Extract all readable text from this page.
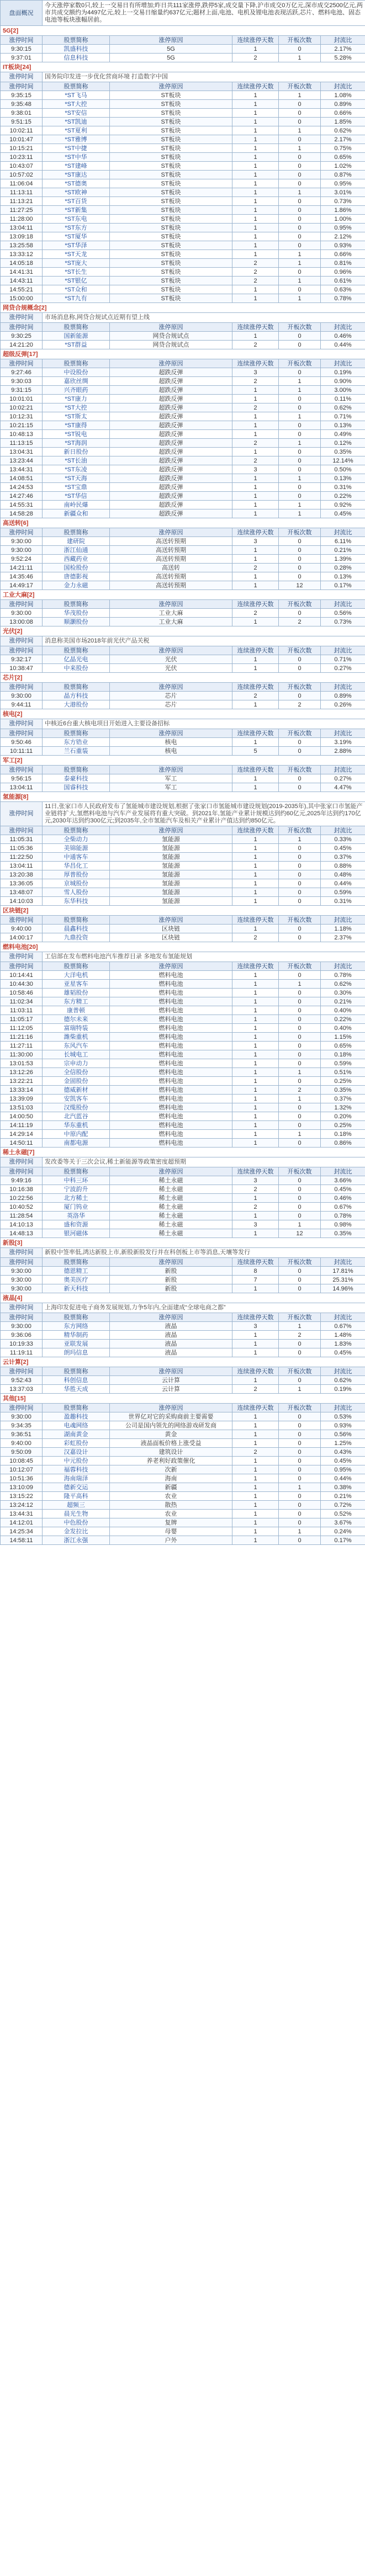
盘面概况	今天涨停家数0只,较上一交易日有所增加;昨日共111家涨停,跌停5家,成交量下降,沪市成交0万亿元,深市成交2500亿元,两市共成交额约为4497亿元,较上一交易日缩量约637亿元;题材上面,电池、电机及锂电池表现活跃,芯片、燃料电池、固态电池等板块涨幅居前。				
5G[2]					
涨停时间	股票简称	涨停原因	连续涨停天数	开板次数	封流比
9:30:15	凯盛科技	5G	1	0	2.17%
9:37:01	信息科技	5G	2	1	5.28%
IT板块[24]					
涨停时间	国务院印发进一步优化营商环境 打造数字中国				
涨停时间	股票简称	涨停原因	连续涨停天数	开板次数	封流比
9:35:15	*ST飞马	ST板块	1	1	1.08%
9:35:48	*ST大控	ST板块	1	0	0.89%
9:38:01	*ST安信	ST板块	1	0	0.66%
9:51:15	*ST凯迪	ST板块	1	0	1.85%
10:02:11	*ST夏利	ST板块	1	1	0.62%
10:01:47	*ST雅博	ST板块	1	0	2.17%
10:15:21	*ST中捷	ST板块	1	1	0.75%
10:23:11	*ST中华	ST板块	1	0	0.65%
10:43:07	*ST建峰	ST板块	1	0	1.02%
10:57:02	*ST康达	ST板块	1	0	0.87%
11:06:04	*ST德奥	ST板块	1	0	0.95%
11:13:11	*ST欧神	ST板块	1	1	3.01%
11:13:21	*ST百货	ST板块	1	0	0.73%
11:27:25	*ST新集	ST板块	1	0	1.86%
11:28:00	*ST东电	ST板块	1	0	1.00%
13:04:11	*ST东方	ST板块	1	0	0.95%
13:09:18	*ST厦华	ST板块	1	0	2.12%
13:25:58	*ST华泽	ST板块	1	0	0.93%
13:33:12	*ST天龙	ST板块	1	1	0.66%
14:05:18	*ST庞大	ST板块	2	1	0.81%
14:41:31	*ST长生	ST板块	2	0	0.96%
14:43:11	*ST银亿	ST板块	2	1	0.61%
14:55:21	*ST众和	ST板块	1	0	0.63%
15:00:00	*ST九有	ST板块	1	1	0.78%
网贷合规概念[2]					
涨停时间	市场消息称,网贷合规试点近期有望上线				
涨停时间	股票简称	涨停原因	连续涨停天数	开板次数	封流比
9:30:25	国新能源	网贷合规试点	1	0	0.46%
14:21:20	*ST群益	网贷合规试点	2	0	0.44%
超级反弹[17]					
涨停时间	股票简称	涨停原因	连续涨停天数	开板次数	封流比
9:27:46	中设股份	超跌反弹	3	0	0.19%
9:30:03	嘉欣丝绸	超跌反弹	2	1	0.90%
9:31:15	兴齐眼药	超跌反弹	1	1	3.00%
10:01:01	*ST康力	超跌反弹	1	0	0.11%
10:02:21	*ST大控	超跌反弹	2	0	0.62%
10:12:31	*ST斯太	超跌反弹	1	1	0.71%
10:21:15	*ST康得	超跌反弹	1	0	0.13%
10:48:13	*ST锐电	超跌反弹	1	0	0.49%
11:13:15	*ST海润	超跌反弹	2	1	0.12%
13:04:31	新日股份	超跌反弹	1	0	0.35%
13:23:44	*ST长油	超跌反弹	2	0	12.14%
13:44:31	*ST东凌	超跌反弹	3	0	0.50%
14:08:51	*ST天海	超跌反弹	1	1	0.13%
14:24:53	*ST宝鼎	超跌反弹	1	0	0.31%
14:27:46	*ST华信	超跌反弹	1	0	0.22%
14:55:31	南岭民爆	超跌反弹	1	1	0.92%
14:58:28	新疆众和	超跌反弹	1	1	0.45%
高送转[6]					
涨停时间	股票简称	涨停原因	连续涨停天数	开板次数	封流比
9:30:00	建研院	高送转预期	3	0	6.11%
9:30:00	浙江仙通	高送转预期	1	0	0.21%
9:52:24	西藏药业	高送转预期	1	0	1.39%
14:21:11	国检股份	高送转	2	0	0.28%
14:35:46	唐德影视	高送转预期	1	0	0.13%
14:49:17	金力永磁	高送转预期	1	12	0.17%
工业大麻[2]					
涨停时间	股票简称	涨停原因	连续涨停天数	开板次数	封流比
9:30:00	华茂股份	工业大麻	2	0	0.56%
13:00:08	顺灏股份	工业大麻	1	2	0.73%
光伏[2]					
涨停时间	消息称美国市场2018年前光伏产品关税				
涨停时间	股票简称	涨停原因	连续涨停天数	开板次数	封流比
9:32:17	亿晶光电	光伏	1	0	0.71%
10:38:47	中来股份	光伏	1	0	0.27%
芯片[2]					
涨停时间	股票简称	涨停原因	连续涨停天数	开板次数	封流比
9:30:00	晶方科技	芯片	2	0	0.89%
9:44:11	大港股份	芯片	1	2	0.26%
核电[2]					
涨停时间	中核近6台重大核电项目开始进入主要设备招标				
涨停时间	股票简称	涨停原因	连续涨停天数	开板次数	封流比
9:50:46	东方锆业	核电	1	0	3.19%
10:11:11	兰石重装	核电	5	0	2.88%
军工[2]					
涨停时间	股票简称	涨停原因	连续涨停天数	开板次数	封流比
9:56:15	泰豪科技	军工	1	0	0.27%
13:04:11	国睿科技	军工	1	0	4.47%
氢能源[8]					
涨停时间	11日,张家口市人民政府发布了氢能城市建设规划,根据了张家口市氢能城市建设规划(2019-2035年),其中张家口市氢能产业链将扩大,氢燃料电池与汽车产业发展将有重大突破。到2021年,氢能产业累计规模达到约60亿元,2025年达到约170亿元,2030年达到约300亿元;到2035年,全市氢能汽车及相关产业累计产值达到约850亿元。				
涨停时间	股票简称	涨停原因	连续涨停天数	开板次数	封流比
11:05:31	全柴动力	氢能源	1	1	0.33%
11:05:36	美锦能源	氢能源	1	0	0.45%
11:22:50	中通客车	氢能源	1	0	0.37%
13:04:11	华昌化工	氢能源	1	0	0.88%
13:20:38	厚普股份	氢能源	1	0	0.48%
13:36:05	京城股份	氢能源	1	0	0.44%
13:48:07	雪人股份	氢能源	1	0	0.59%
14:10:03	东华科技	氢能源	1	0	0.31%
区块链[2]					
涨停时间	股票简称	涨停原因	连续涨停天数	开板次数	封流比
9:40:00	晨鑫科技	区块链	1	0	1.18%
14:00:17	九鼎投资	区块链	2	0	2.37%
燃料电池[20]					
涨停时间	工信部在发布燃料电池汽车推荐目录 多地发布氢能规划				
涨停时间	股票简称	涨停原因	连续涨停天数	开板次数	封流比
10:14:41	大洋电机	燃料电池	1	0	0.78%
10:44:30	亚星客车	燃料电池	1	1	0.62%
10:58:46	雄韬股份	燃料电池	1	0	0.30%
11:02:34	东方精工	燃料电池	1	0	0.21%
11:03:11	康普顿	燃料电池	1	0	0.40%
11:05:17	德尔未来	燃料电池	1	0	0.22%
11:12:05	富瑞特装	燃料电池	1	0	0.40%
11:21:16	潍柴重机	燃料电池	1	0	1.15%
11:27:11	东风汽车	燃料电池	1	0	0.65%
11:30:00	长城电工	燃料电池	1	0	0.18%
13:01:53	宗申动力	燃料电池	1	0	0.59%
13:12:26	全信股份	燃料电池	1	1	0.51%
13:22:21	金固股份	燃料电池	1	0	0.25%
13:33:14	德威新材	燃料电池	1	2	0.35%
13:39:09	安凯客车	燃料电池	1	1	0.37%
13:51:03	汉缆股份	燃料电池	1	0	1.32%
14:00:50	北汽蓝谷	燃料电池	1	0	0.20%
14:11:19	华东重机	燃料电池	1	0	0.25%
14:29:14	中原内配	燃料电池	1	1	0.18%
14:50:11	南都电源	燃料电池	1	0	0.86%
稀土永磁[7]					
涨停时间	发改委等关于三次会议,稀土新能源等政策密度超预期				
涨停时间	股票简称	涨停原因	连续涨停天数	开板次数	封流比
9:49:16	中科三环	稀土永磁	3	0	3.66%
10:16:38	宁波韵升	稀土永磁	2	0	0.45%
10:22:56	北方稀土	稀土永磁	1	0	0.46%
10:40:52	厦门钨业	稀土永磁	2	0	0.67%
11:28:54	英洛华	稀土永磁	1	0	0.78%
14:10:13	盛和资源	稀土永磁	3	1	0.98%
14:48:13	银河磁体	稀土永磁	1	12	0.35%
新股[3]					
涨停时间	新股中签率低,鸿达新股上市,新股新股发行并在科创板上市等消息,天壤等发行				
涨停时间	股票简称	涨停原因	连续涨停天数	开板次数	封流比
9:30:00	德恩精工	新股	8	0	17.81%
9:30:00	奥美医疗	新股	7	0	25.31%
9:30:00	新天科技	新股	1	0	14.96%
液晶[4]					
涨停时间	上海印发促进电子商务发展规划,力争5年内,全面建成“全球电商之都”				
涨停时间	股票简称	涨停原因	连续涨停天数	开板次数	封流比
9:30:00	东方网络	液晶	3	1	0.67%
9:36:06	精华制药	液晶	1	2	1.48%
10:19:33	亚联发展	液晶	1	0	1.83%
11:19:11	朗玛信息	液晶	1	0	0.45%
云计算[2]					
涨停时间	股票简称	涨停原因	连续涨停天数	开板次数	封流比
9:52:43	科创信息	云计算	1	0	0.62%
13:37:03	华胜天成	云计算	2	1	0.19%
其他[15]					
涨停时间	股票简称	涨停原因	连续涨停天数	开板次数	封流比
9:30:00	盈趣科技	世界亿对它的采购商前主要需要	1	0	0.53%
9:34:35	电魂网络	公司是国内领先的网络游戏研发商	1	0	0.93%
9:36:51	湖南黄金	黄金	1	0	0.56%
9:40:00	彩虹股份	液晶面板价格上涨受益	1	0	1.25%
9:50:09	汉嘉设计	建筑设计	2	0	0.43%
10:08:45	中元股份	养老利好政策催化	1	0	0.45%
10:12:07	福蓉科技	次新	1	0	0.95%
10:51:36	海南瑞泽	海南	1	0	0.44%
13:10:09	德新交运	新疆	1	1	0.38%
13:15:22	隆平高科	农业	1	0	0.21%
13:24:12	超频三	散热	1	0	0.72%
13:44:31	晨光生物	农业	1	0	0.52%
14:12:01	中色股份	复牌	1	0	3.67%
14:25:34	金发拉比	母婴	1	1	0.24%
14:58:11	浙江永强	户外	1	0	0.17%
